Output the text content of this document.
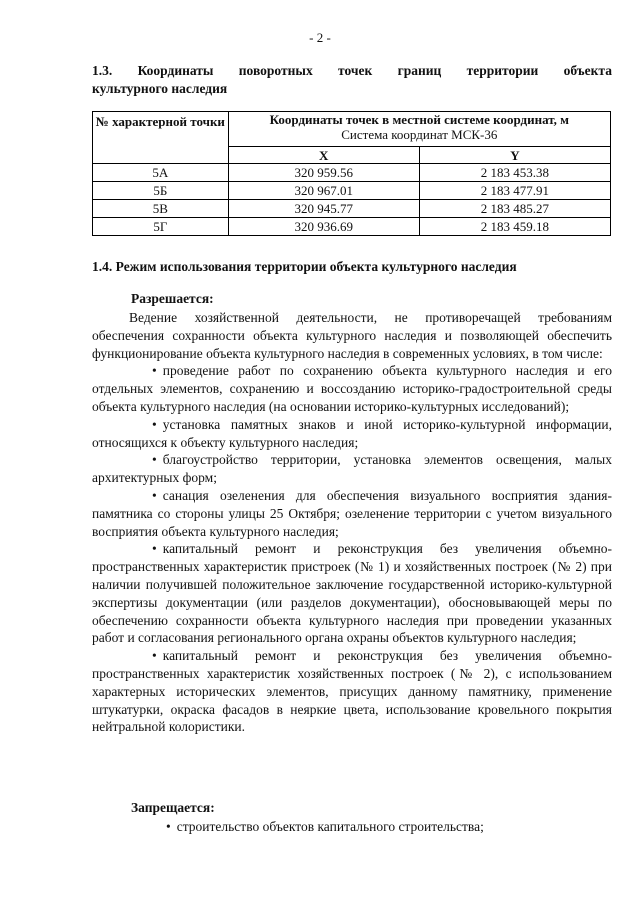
- 2 -
1.3. Координаты поворотных точек границ территории объекта
культурного наследия
№ характерной точки	Координаты точек в местной системе координат, м
Система координат МСК-36	

	X	Y
5А	320 959.56	2 183 453.38
5Б	320 967.01	2 183 477.91
5В	320 945.77	2 183 485.27
5Г	320 936.69	2 183 459.18
1.4. Режим использования территории объекта культурного наследия
Разрешается:

Ведение хозяйственной деятельности, не противоречащей требованиям обеспечения сохранности объекта культурного наследия и позволяющей обеспечить функционирование объекта культурного наследия в современных условиях, в том числе:

• проведение работ по сохранению объекта культурного наследия и его отдельных элементов, сохранению и воссозданию историко-градостроительной среды объекта культурного наследия (на основании историко-культурных исследований);

• установка памятных знаков и иной историко-культурной информации, относящихся к объекту культурного наследия;

• благоустройство территории, установка элементов освещения, малых архитектурных форм;

• санация озеленения для обеспечения визуального восприятия здания-памятника со стороны улицы 25 Октября; озеленение территории с учетом визуального восприятия объекта культурного наследия;

• капитальный ремонт и реконструкция без увеличения объемно-пространственных характеристик пристроек (№ 1) и хозяйственных построек (№ 2) при наличии получившей положительное заключение государственной историко-культурной экспертизы документации (или разделов документации), обосновывающей меры по обеспечению сохранности объекта культурного наследия при проведении указанных работ и согласования регионального органа охраны объектов культурного наследия;

• капитальный ремонт и реконструкция без увеличения объемно-пространственных характеристик хозяйственных построек (№ 2), с использованием характерных исторических элементов, присущих данному памятнику, применение штукатурки, окраска фасадов в неяркие цвета, использование кровельного покрытия нейтральной колористики.

Запрещается:

• строительство объектов капитального строительства;
